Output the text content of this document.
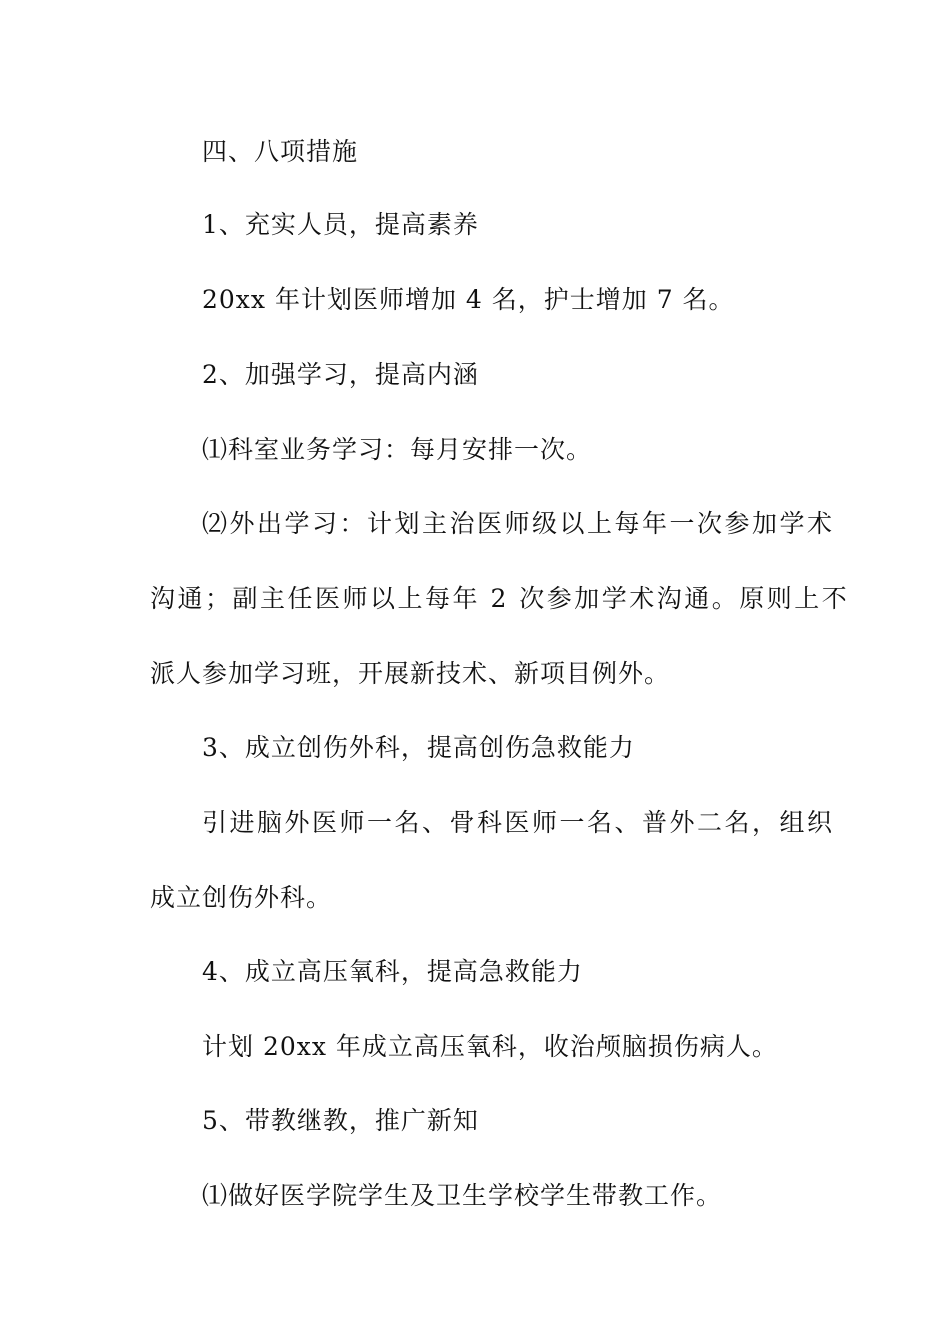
四、八项措施

1、充实人员，提高素养

20xx 年计划医师增加 4 名，护士增加 7 名。

2、加强学习，提高内涵

⑴科室业务学习：每月安排一次。

⑵外出学习：计划主治医师级以上每年一次参加学术

沟通；副主任医师以上每年 2 次参加学术沟通。原则上不

派人参加学习班，开展新技术、新项目例外。

3、成立创伤外科，提高创伤急救能力

引进脑外医师一名、骨科医师一名、普外二名，组织

成立创伤外科。

4、成立高压氧科，提高急救能力

计划 20xx 年成立高压氧科，收治颅脑损伤病人。

5、带教继教，推广新知

⑴做好医学院学生及卫生学校学生带教工作。
